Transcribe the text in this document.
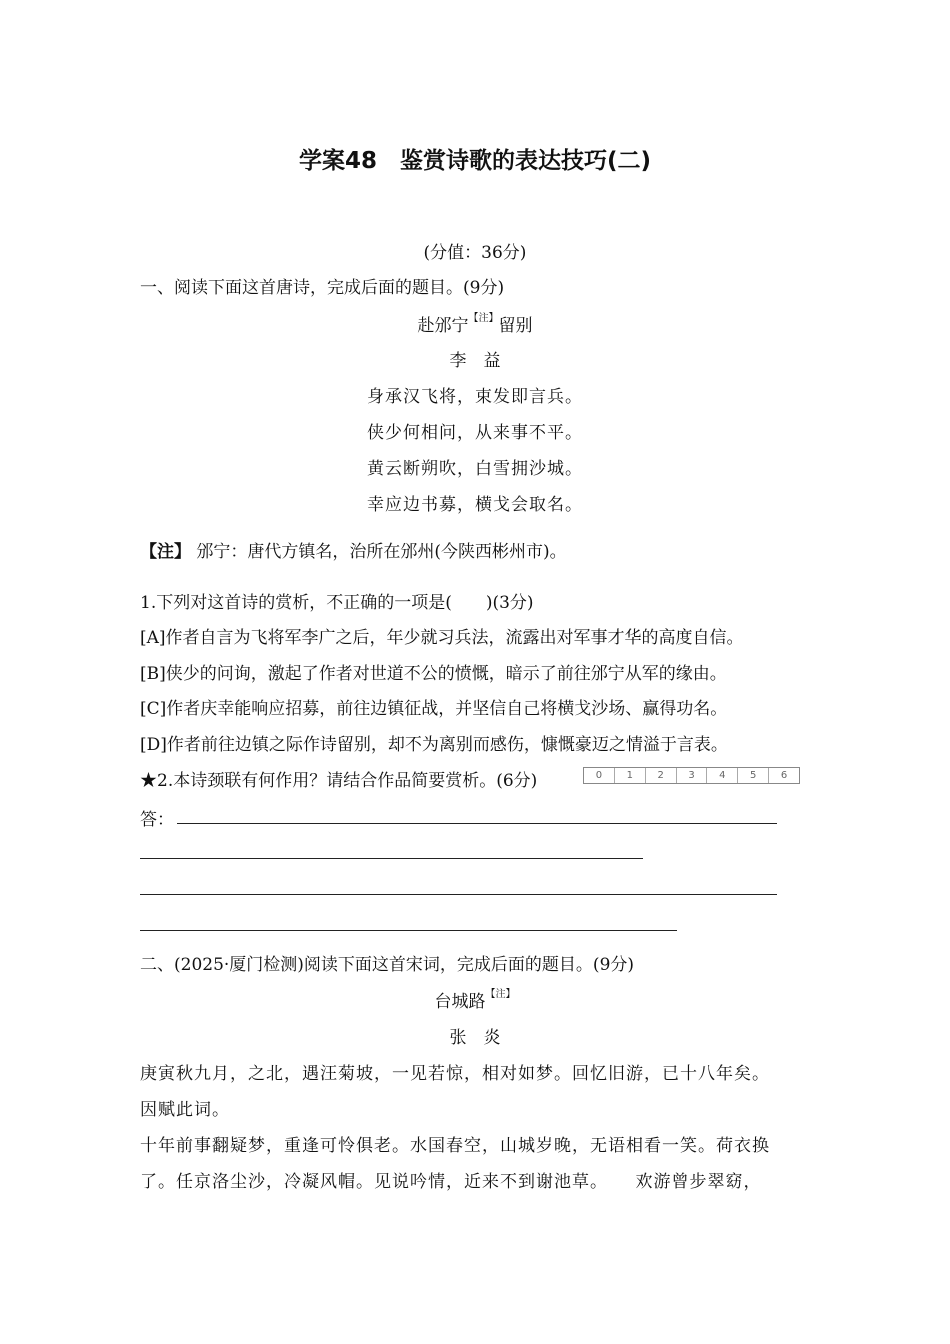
学案48　鉴赏诗歌的表达技巧(二)
(分值：36分)
一、阅读下面这首唐诗，完成后面的题目。(9分)
赴邠宁$^{【注】}$留别
李　益
身承汉飞将，束发即言兵。
侠少何相问，从来事不平。
黄云断朔吹，白雪拥沙城。
幸应边书募，横戈会取名。
【注】 邠宁：唐代方镇名，治所在邠州(今陕西彬州市)。
1.下列对这首诗的赏析，不正确的一项是(　　)(3分)
[A]作者自言为飞将军李广之后，年少就习兵法，流露出对军事才华的高度自信。
[B]侠少的问询，激起了作者对世道不公的愤慨，暗示了前往邠宁从军的缘由。
[C]作者庆幸能响应招募，前往边镇征战，并坚信自己将横戈沙场、赢得功名。
[D]作者前往边镇之际作诗留别，却不为离别而感伤，慷慨豪迈之情溢于言表。
★2.本诗颈联有何作用？请结合作品简要赏析。(6分)	0	1	2	3	4	5	6
答：
二、(2025·厦门检测)阅读下面这首宋词，完成后面的题目。(9分)
台城路$^{【注】}$
张　炎
庚寅秋九月，之北，遇汪菊坡，一见若惊，相对如梦。回忆旧游，已十八年矣。
因赋此词。
十年前事翻疑梦，重逢可怜俱老。水国春空，山城岁晚，无语相看一笑。荷衣换
了。任京洛尘沙，冷凝风帽。见说吟情，近来不到谢池草。　　欢游曾步翠窈，
